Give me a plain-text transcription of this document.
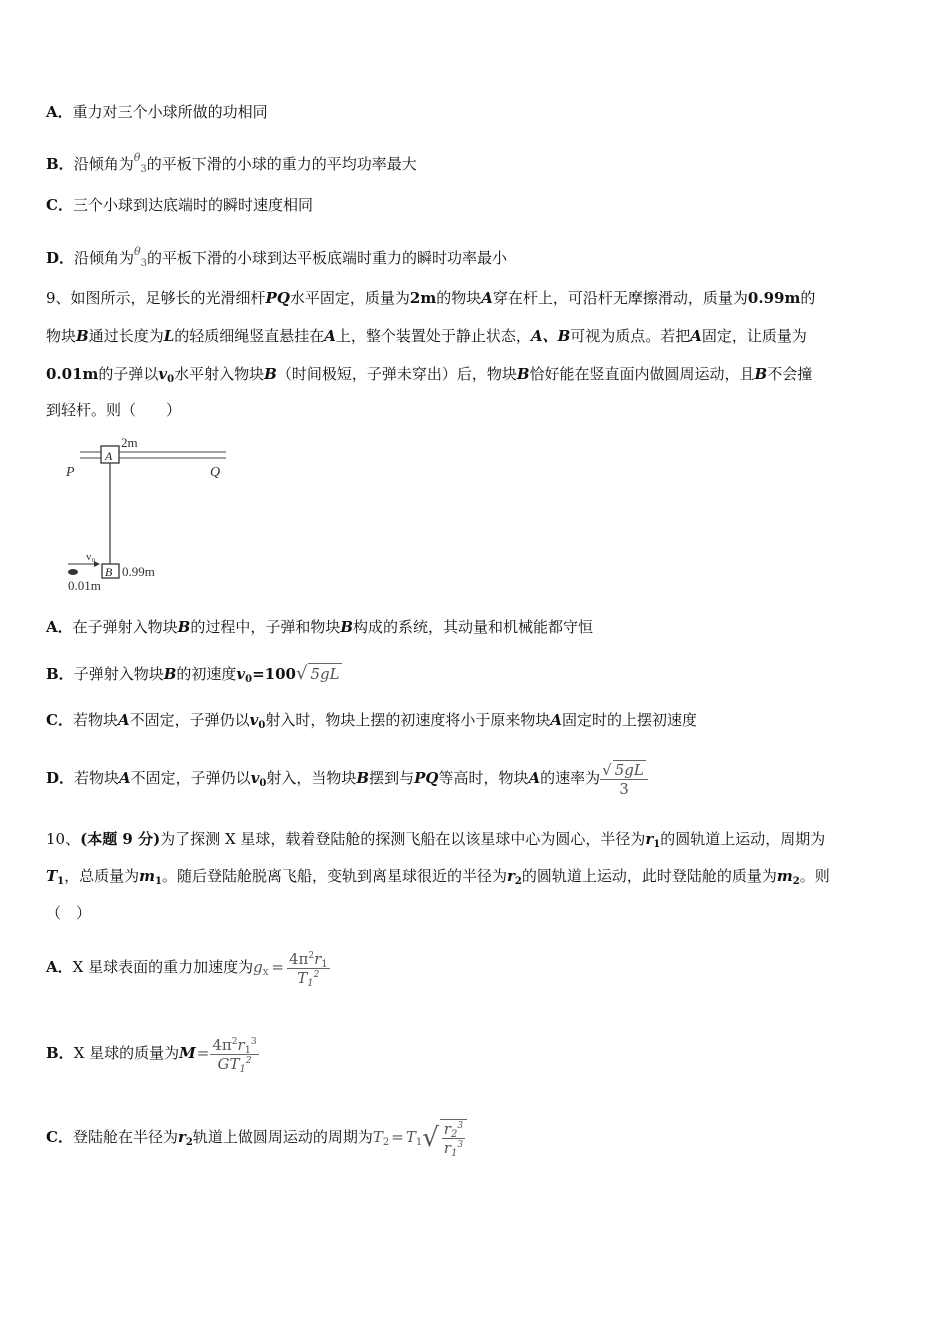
A．重力对三个小球所做的功相同
B．沿倾角为$^\theta_3$的平板下滑的小球的重力的平均功率最大
C．三个小球到达底端时的瞬时速度相同
D．沿倾角为$^\theta_3$的平板下滑的小球到达平板底端时重力的瞬时功率最小
9、如图所示，足够长的光滑细杆PQ水平固定，质量为2m的物块A穿在杆上，可沿杆无摩擦滑动，质量为0.99m的
物块B通过长度为L的轻质细绳竖直悬挂在A上，整个装置处于静止状态，A、B可视为质点。若把A固定，让质量为
0.01m的子弹以$v_0$水平射入物块B（时间极短，子弹未穿出）后，物块B恰好能在竖直面内做圆周运动，且B不会撞
到轻杆。则（　　）
A
2m
P	Q
B 0.99m
v₀
0.01m
A．在子弹射入物块B的过程中，子弹和物块B构成的系统，其动量和机械能都守恒
B．子弹射入物块B的初速度$v_0=100√$ 5gL
C．若物块A不固定，子弹仍以$v_0$射入时，物块上摆的初速度将小于原来物块A固定时的上摆初速度
D．若物块A不固定，子弹仍以$v_0$射入，当物块B摆到与PQ等高时，物块A的速率为 $\frac{√ 5gL}{3}$
10、(本题 9 分)为了探测 X 星球，载着登陆舱的探测飞船在以该星球中心为圆心，半径为$r_1$的圆轨道上运动，周期为
$T_1$，总质量为$m_1$。随后登陆舱脱离飞船，变轨到离星球很近的半径为$r_2$的圆轨道上运动，此时登陆舱的质量为$m_2$。则
（　）
A．X 星球表面的重力加速度为$g_X = \frac{4\pi^2r_1}{T_1^2}$
B．X 星球的质量为$M= \frac{4\pi^2r_1^3}{GT_1^2}$
C．登陆舱在半径为$r_2$轨道上做圆周运动的周期为$T_2 = T_1√ \frac{r_2^3}{r_1^3}$
